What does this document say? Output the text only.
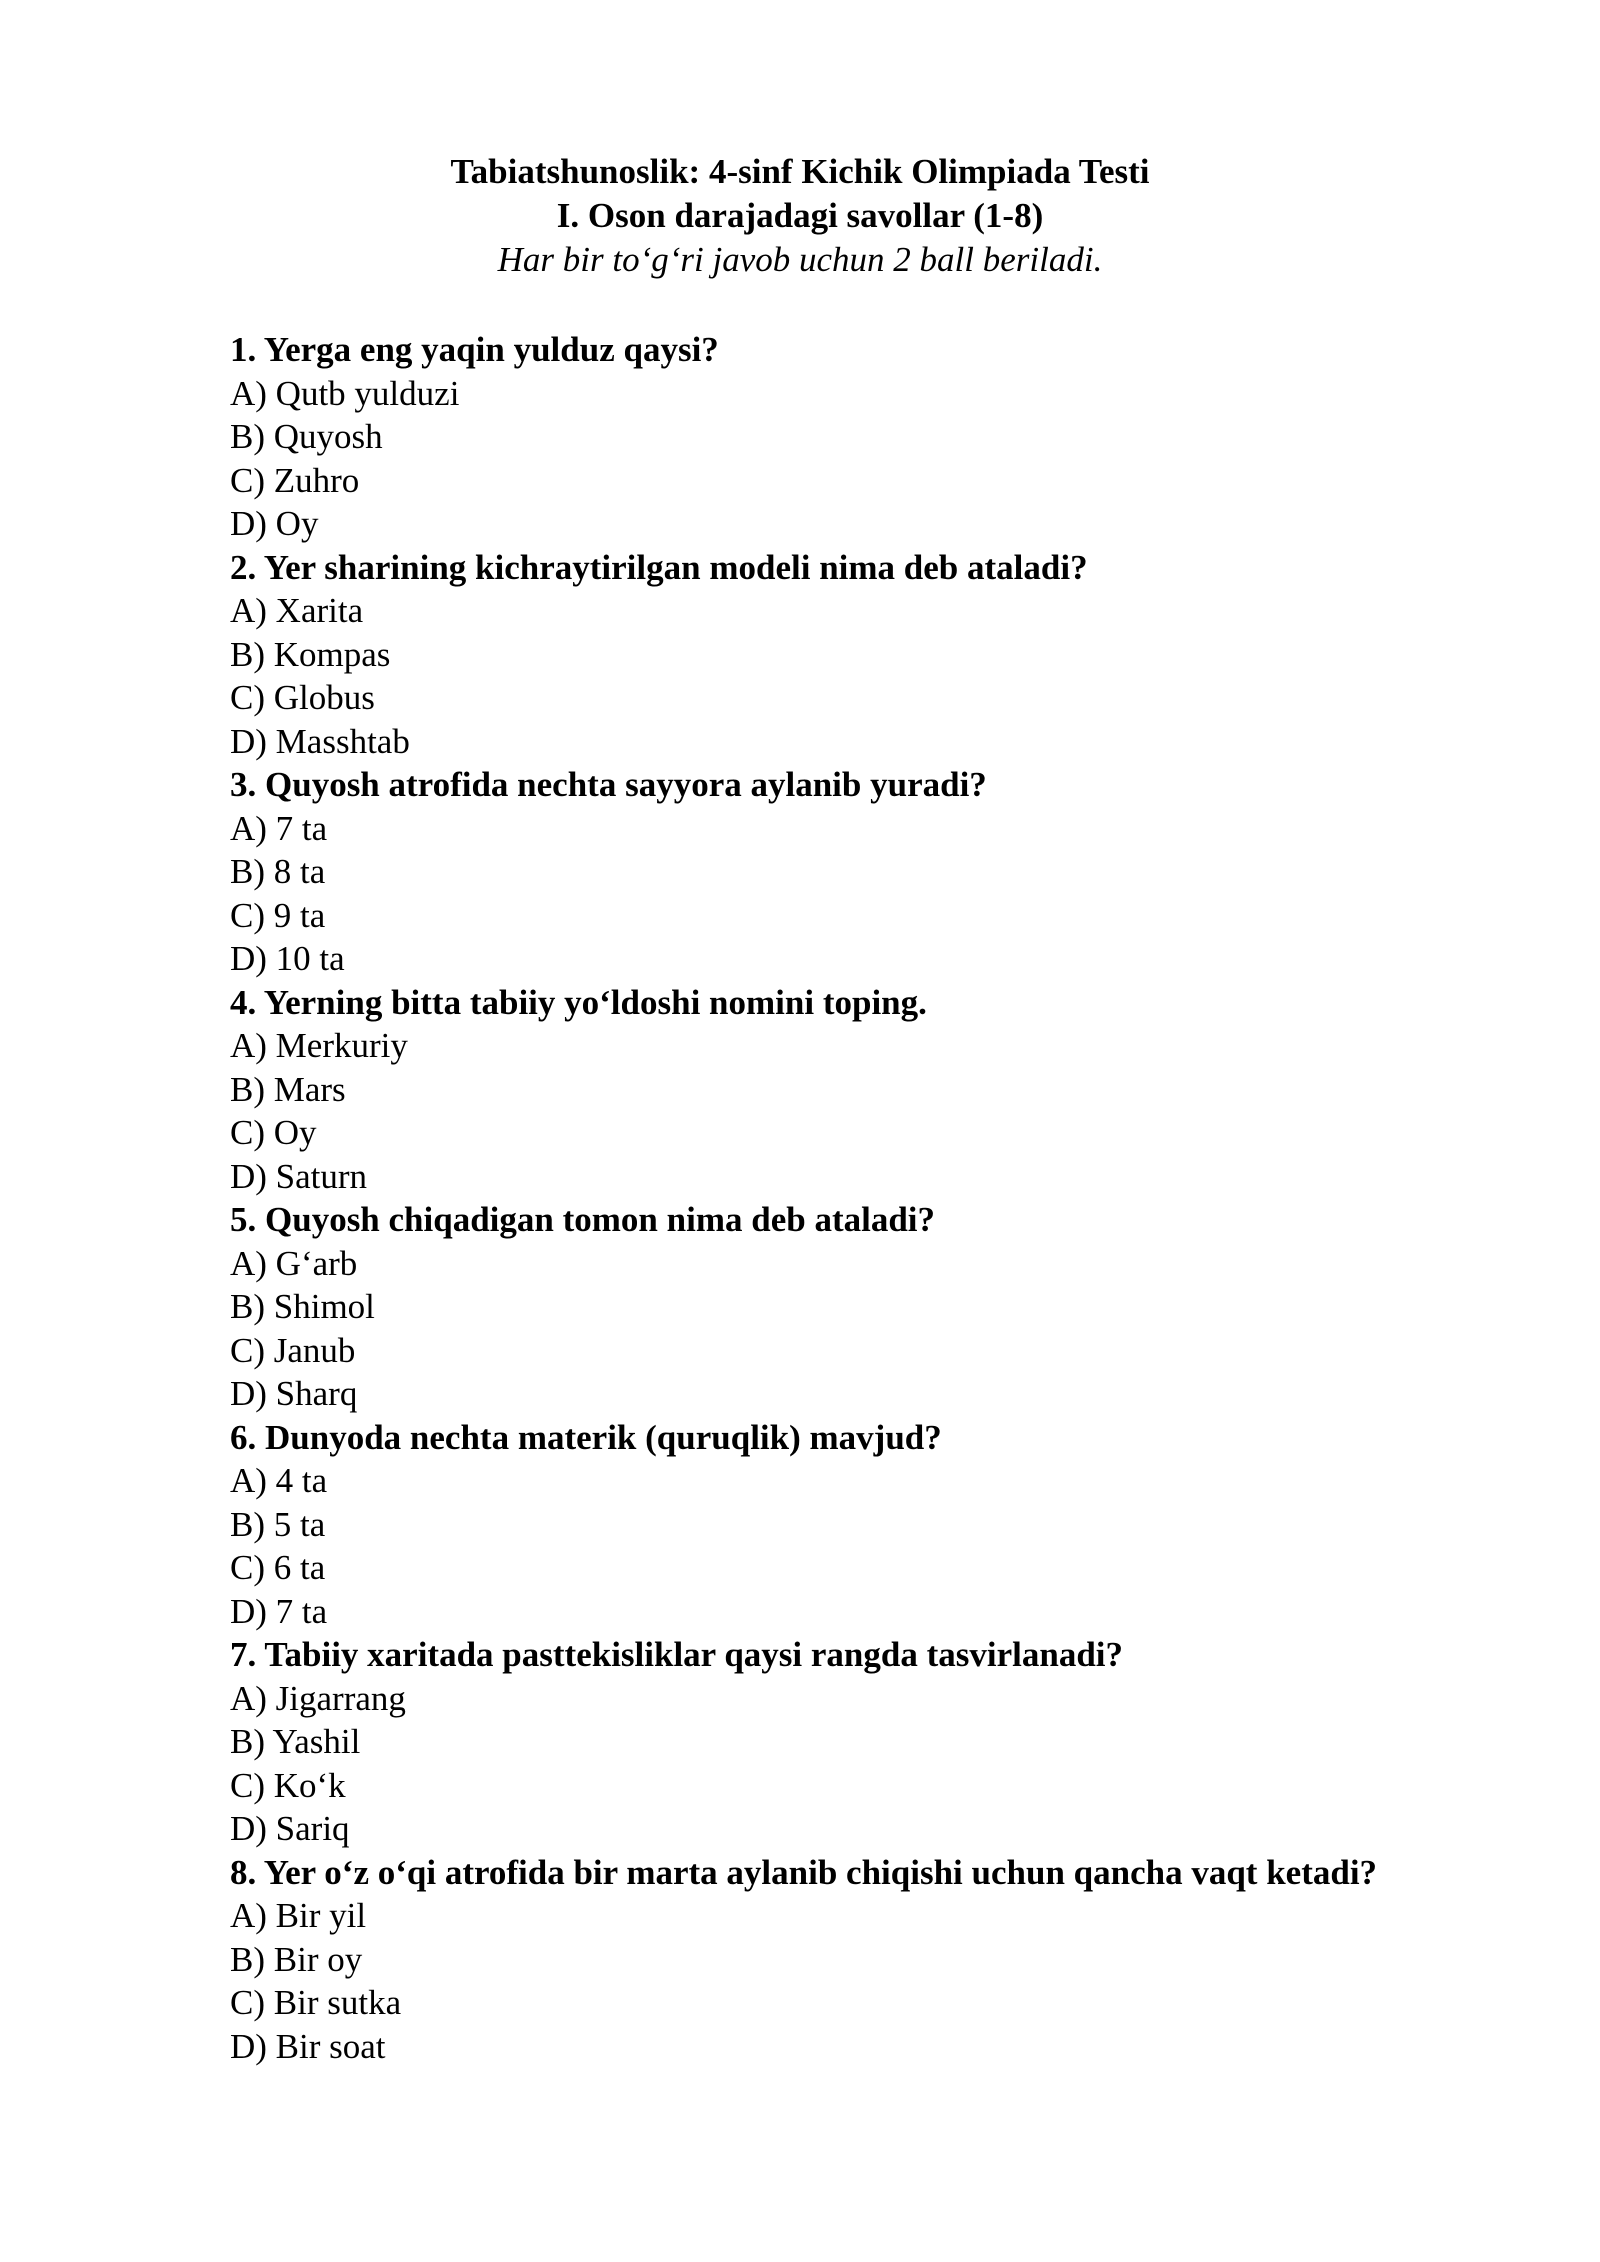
Tabiatshunoslik: 4-sinf Kichik Olimpiada Testi
I. Oson darajadagi savollar (1-8)
Har bir to‘g‘ri javob uchun 2 ball beriladi.
1. Yerga eng yaqin yulduz qaysi?
A) Qutb yulduzi
B) Quyosh
C) Zuhro
D) Oy
2. Yer sharining kichraytirilgan modeli nima deb ataladi?
A) Xarita
B) Kompas
C) Globus
D) Masshtab
3. Quyosh atrofida nechta sayyora aylanib yuradi?
A) 7 ta
B) 8 ta
C) 9 ta
D) 10 ta
4. Yerning bitta tabiiy yo‘ldoshi nomini toping.
A) Merkuriy
B) Mars
C) Oy
D) Saturn
5. Quyosh chiqadigan tomon nima deb ataladi?
A) G‘arb
B) Shimol
C) Janub
D) Sharq
6. Dunyoda nechta materik (quruqlik) mavjud?
A) 4 ta
B) 5 ta
C) 6 ta
D) 7 ta
7. Tabiiy xaritada pasttekisliklar qaysi rangda tasvirlanadi?
A) Jigarrang
B) Yashil
C) Ko‘k
D) Sariq
8. Yer o‘z o‘qi atrofida bir marta aylanib chiqishi uchun qancha vaqt ketadi?
A) Bir yil
B) Bir oy
C) Bir sutka
D) Bir soat
